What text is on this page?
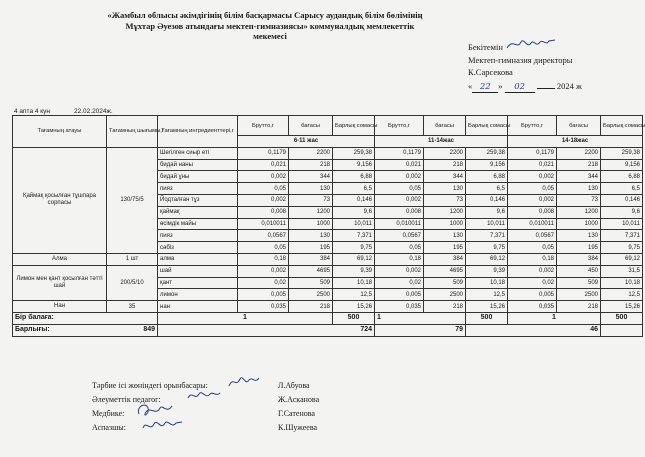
«Жамбыл облысы әкімдігінің білім басқармасы Сарысу аудандық білім бөлімінің
Мұхтар Әуезов атындағы мектеп-гимназиясы» коммуналдық мемлекеттік мекемесі
Бекітемін
Мектеп-гимназия директоры
К.Сарсекова
« 22 » 02	2024 ж
4 апта 4 күн	22.02.2024ж.
Тағамның атауы	Тағамның шығымы,г	Тағамның ингредиенттері,г	Брутто,г	бағасы	Барлық сомасы	Брутто,г	бағасы	Барлық сомасы	Брутто,г	бағасы	Барлық сомасы
			6-11 жас			11-14жас			14-18жас		
Қаймақ қосылған тұшпара сорпасы	130/75/5	Шегілген сиыр еті	0,1179	2200	259,38	0,1179	2200	259,38	0,1179	2200	259,38
		бидай наны	0,021	218	9,156	0,021	218	9,156	0,021	218	9,156
		бидай ұны	0,002	344	6,88	0,002	344	6,88	0,002	344	6,88
		пияз	0,05	130	6,5	0,05	130	6,5	0,05	130	6,5
		Йодталған тұз	0,002	73	0,146	0,002	73	0,146	0,002	73	0,146
		қаймақ	0,008	1200	9,6	0,008	1200	9,6	0,008	1200	9,6
		өсімдік майы	0,010011	1000	10,011	0,010011	1000	10,011	0,010011	1000	10,011
		пияз	0,0567	130	7,371	0,0567	130	7,371	0,0567	130	7,371
		сәбіз	0,05	195	9,75	0,05	195	9,75	0,05	195	9,75
Алма	1 шт	алма	0,18	384	69,12	0,18	384	69,12	0,18	384	69,12
Лимон мен қант қосылған тәтті шай	200/5/10	шай	0,002	4695	9,39	0,002	4695	9,39	0,002	450	31,5
		қант	0,02	509	10,18	0,02	509	10,18	0,02	509	10,18
		лимон	0,005	2500	12,5	0,005	2500	12,5	0,005	2500	12,5
Нан	35	нан	0,035	218	15,26	0,035	218	15,26	0,035	218	15,26
Бір балаға:		1			500	1		500	1		500
Барлығы: 849		724				79		46			
Тәрбие ісі жөніндегі орынбасары:	Л.Абуова
Әлеуметтік педагог:	Ж.Асканова
Медбике:	Г.Сатенова
Аспазшы:	К.Шужеева
